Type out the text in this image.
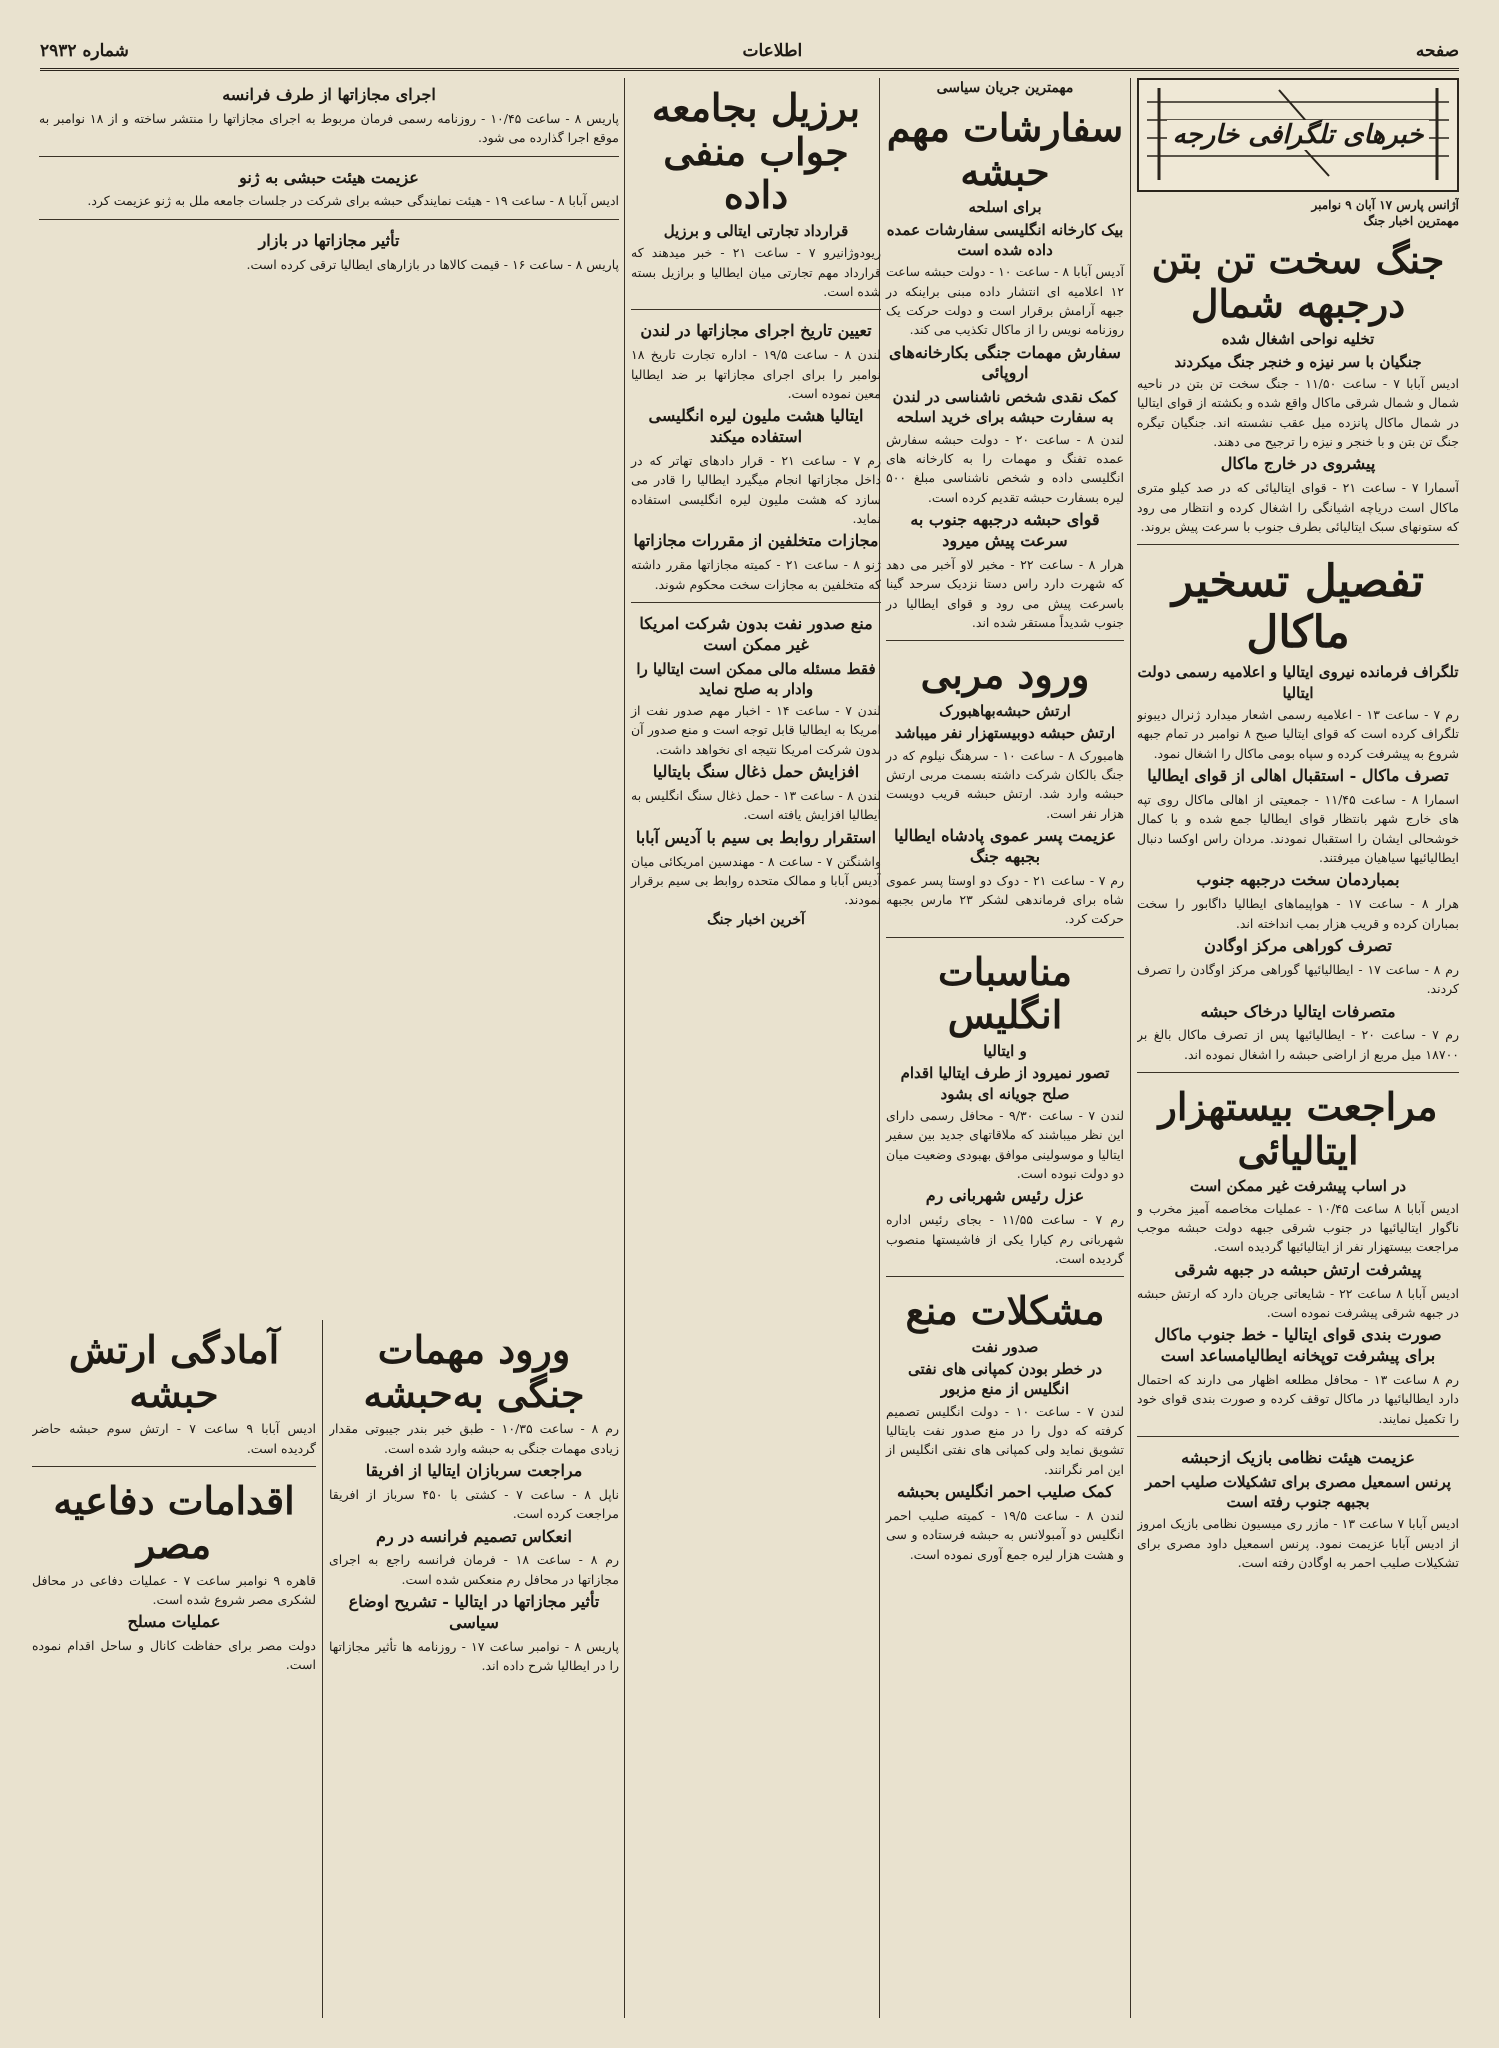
صفحه
اطلاعات
شماره ۲۹۳۲
خبرهای تلگرافی خارجه
آژانس پارس ۱۷ آبان ۹ نوامبر
مهمترین اخبار جنگ
جنگ سخت تن بتن درجبهه شمال
تخلیه نواحی اشغال شده
جنگیان با سر نیزه و خنجر جنگ میکردند
ادیس آبابا ۷ - ساعت ۱۱/۵۰ - جنگ سخت تن بتن در ناحیه شمال و شمال شرقی ماکال واقع شده و بکشته از قوای ایتالیا در شمال ماکال پانزده میل عقب نشسته اند. جنگیان تیگره جنگ تن بتن و با خنجر و نیزه را ترجیح می دهند.
پیشروی در خارج ماکال
آسمارا ۷ - ساعت ۲۱ - قوای ایتالیائی که در صد کیلو متری ماکال است دریاچه اشیانگی را اشغال کرده و انتظار می رود که ستونهای سبک ایتالیائی بطرف جنوب با سرعت پیش بروند.
تفصیل تسخیر ماکال
تلگراف فرمانده نیروی ایتالیا و اعلامیه رسمی دولت ایتالیا
رم ۷ - ساعت ۱۳ - اعلامیه رسمی اشعار میدارد ژنرال دیبونو تلگراف کرده است که قوای ایتالیا صبح ۸ نوامبر در تمام جبهه شروع به پیشرفت کرده و سپاه بومی ماکال را اشغال نمود.
تصرف ماکال - استقبال اهالی از قوای ایطالیا
اسمارا ۸ - ساعت ۱۱/۴۵ - جمعیتی از اهالی ماکال روی تپه های خارج شهر بانتظار قوای ایطالیا جمع شده و با کمال خوشحالی ایشان را استقبال نمودند. مردان راس اوکسا دنبال ایطالیائیها سیاهیان میرفتند.
بمباردمان سخت درجبهه جنوب
هرار ۸ - ساعت ۱۷ - هواپیماهای ایطالیا داگابور را سخت بمباران کرده و قریب هزار بمب انداخته اند.
تصرف کوراهی مرکز اوگادن
رم ۸ - ساعت ۱۷ - ایطالیائیها گوراهی مرکز اوگادن را تصرف کردند.
متصرفات ایتالیا درخاک حبشه
رم ۷ - ساعت ۲۰ - ایطالیائیها پس از تصرف ماکال بالغ بر ۱۸۷۰۰ میل مربع از اراضی حبشه را اشغال نموده اند.
مراجعت بیستهزار ایتالیائی
در اساب پیشرفت غیر ممکن است
ادیس آبابا ۸ ساعت ۱۰/۴۵ - عملیات مخاصمه آمیز مخرب و ناگوار ایتالیائیها در جنوب شرقی جبهه دولت حبشه موجب مراجعت بیستهزار نفر از ایتالیائیها گردیده است.
پیشرفت ارتش حبشه در جبهه شرقی
ادیس آبابا ۸ ساعت ۲۲ - شایعاتی جریان دارد که ارتش حبشه در جبهه شرقی پیشرفت نموده است.
صورت بندی قوای ایتالیا - خط جنوب ماکال برای پیشرفت توپخانه ایطالیامساعد است
رم ۸ ساعت ۱۳ - محافل مطلعه اظهار می دارند که احتمال دارد ایطالیائیها در ماکال توقف کرده و صورت بندی قوای خود را تکمیل نمایند.
عزیمت هیئت نظامی بازیک ازحبشه
پرنس اسمعیل مصری برای تشکیلات صلیب احمر بجبهه جنوب رفته است
ادیس آبابا ۷ ساعت ۱۳ - مازر ری میسیون نظامی بازیک امروز از ادیس آبابا عزیمت نمود. پرنس اسمعیل داود مصری برای تشکیلات صلیب احمر به اوگادن رفته است.
مهمترین جریان سیاسی
سفارشات مهم حبشه
برای اسلحه
بیک کارخانه انگلیسی سفارشات عمده داده شده است
آدیس آبابا ۸ - ساعت ۱۰ - دولت حبشه ساعت ۱۲ اعلامیه ای انتشار داده مبنی براینکه در جبهه آرامش برقرار است و دولت حرکت یک روزنامه نویس را از ماکال تکذیب می کند.
سفارش مهمات جنگی بکارخانه‌های اروپائی
کمک نقدی شخص ناشناسی در لندن به سفارت حبشه برای خرید اسلحه
لندن ۸ - ساعت ۲۰ - دولت حبشه سفارش عمده تفنگ و مهمات را به کارخانه های انگلیسی داده و شخص ناشناسی مبلغ ۵۰۰ لیره بسفارت حبشه تقدیم کرده است.
قوای حبشه درجبهه جنوب به سرعت پیش میرود
هرار ۸ - ساعت ۲۲ - مخبر لاو آخبر می دهد که شهرت دارد راس دستا نزدیک سرحد گینا باسرعت پیش می رود و قوای ایطالیا در جنوب شدیداً مستقر شده اند.
ورود مربی
ارتش حبشه‌بهاهبورک
ارتش حبشه دوبیستهزار نفر میباشد
هامبورک ۸ - ساعت ۱۰ - سرهنگ نیلوم که در جنگ بالکان شرکت داشته بسمت مربی ارتش حبشه وارد شد. ارتش حبشه قریب دویست هزار نفر است.
عزیمت پسر عموی پادشاه ایطالیا بجبهه جنگ
رم ۷ - ساعت ۲۱ - دوک دو اوستا پسر عموی شاه برای فرماندهی لشکر ۲۳ مارس بجبهه حرکت کرد.
مناسبات انگلیس
و ایتالیا
تصور نمیرود از طرف ایتالیا اقدام صلح جویانه ای بشود
لندن ۷ - ساعت ۹/۳۰ - محافل رسمی دارای این نظر میباشند که ملاقاتهای جدید بین سفیر ایتالیا و موسولینی موافق بهبودی وضعیت میان دو دولت نبوده است.
عزل رئیس شهربانی رم
رم ۷ - ساعت ۱۱/۵۵ - بجای رئیس اداره شهربانی رم کیارا یکی از فاشیستها منصوب گردیده است.
مشکلات منع
صدور نفت
در خطر بودن کمپانی های نفتی انگلیس از منع مزبور
لندن ۷ - ساعت ۱۰ - دولت انگلیس تصمیم کرفته که دول را در منع صدور نفت بایتالیا تشویق نماید ولی کمپانی های نفتی انگلیس از این امر نگرانند.
کمک صلیب احمر انگلیس بحبشه
لندن ۸ - ساعت ۱۹/۵ - کمیته صلیب احمر انگلیس دو آمبولانس به حبشه فرستاده و سی و هشت هزار لیره جمع آوری نموده است.
برزیل بجامعه جواب منفی داده
قرارداد تجارتی ایتالی و برزیل
ریودوژانیرو ۷ - ساعت ۲۱ - خبر میدهند که قرارداد مهم تجارتی میان ایطالیا و برازیل بسته شده است.
تعیین تاریخ اجرای مجازاتها در لندن
لندن ۸ - ساعت ۱۹/۵ - اداره تجارت تاریخ ۱۸ نوامبر را برای اجرای مجازاتها بر ضد ایطالیا معین نموده است.
ایتالیا هشت ملیون لیره انگلیسی استفاده میکند
رم ۷ - ساعت ۲۱ - قرار دادهای تهاتر که در داخل مجازاتها انجام میگیرد ایطالیا را قادر می سازد که هشت ملیون لیره انگلیسی استفاده نماید.
مجازات متخلفین از مقررات مجازاتها
ژنو ۸ - ساعت ۲۱ - کمیته مجازاتها مقرر داشته که متخلفین به مجازات سخت محکوم شوند.
منع صدور نفت بدون شرکت امریکا غیر ممکن است
فقط مسئله مالی ممکن است ایتالیا را وادار به صلح نماید
لندن ۷ - ساعت ۱۴ - اخبار مهم صدور نفت از امریکا به ایطالیا قابل توجه است و منع صدور آن بدون شرکت امریکا نتیجه ای نخواهد داشت.
افزایش حمل ذغال سنگ بایتالیا
لندن ۸ - ساعت ۱۳ - حمل ذغال سنگ انگلیس به ایطالیا افزایش یافته است.
استقرار روابط بی سیم با آدیس آبابا
واشنگتن ۷ - ساعت ۸ - مهندسین امریکائی میان آدیس آبابا و ممالک متحده روابط بی سیم برقرار نمودند.
آخرین اخبار جنگ
اجرای مجازاتها از طرف فرانسه
پاریس ۸ - ساعت ۱۰/۴۵ - روزنامه رسمی فرمان مربوط به اجرای مجازاتها را منتشر ساخته و از ۱۸ نوامبر به موقع اجرا گذارده می شود.
عزیمت هیئت حبشی به ژنو
ادیس آبابا ۸ - ساعت ۱۹ - هیئت نمایندگی حبشه برای شرکت در جلسات جامعه ملل به ژنو عزیمت کرد.
تأثیر مجازاتها در بازار
پاریس ۸ - ساعت ۱۶ - قیمت کالاها در بازارهای ایطالیا ترقی کرده است.
ورود مهمات جنگی به‌حبشه
رم ۸ - ساعت ۱۰/۳۵ - طبق خبر بندر جیبوتی مقدار زیادی مهمات جنگی به حبشه وارد شده است.
مراجعت سربازان ایتالیا از افریقا
ناپل ۸ - ساعت ۷ - کشتی با ۴۵۰ سرباز از افریقا مراجعت کرده است.
انعکاس تصمیم فرانسه در رم
رم ۸ - ساعت ۱۸ - فرمان فرانسه راجع به اجرای مجازاتها در محافل رم منعکس شده است.
تأثیر مجازاتها در ایتالیا - تشریح اوضاع سیاسی
پاریس ۸ - نوامبر ساعت ۱۷ - روزنامه ها تأثیر مجازاتها را در ایطالیا شرح داده اند.
آمادگی ارتش حبشه
ادیس آبابا ۹ ساعت ۷ - ارتش سوم حبشه حاضر گردیده است.
اقدامات دفاعیه مصر
قاهره ۹ نوامبر ساعت ۷ - عملیات دفاعی در محافل لشکری مصر شروع شده است.
عملیات مسلح
دولت مصر برای حفاظت کانال و ساحل اقدام نموده است.
